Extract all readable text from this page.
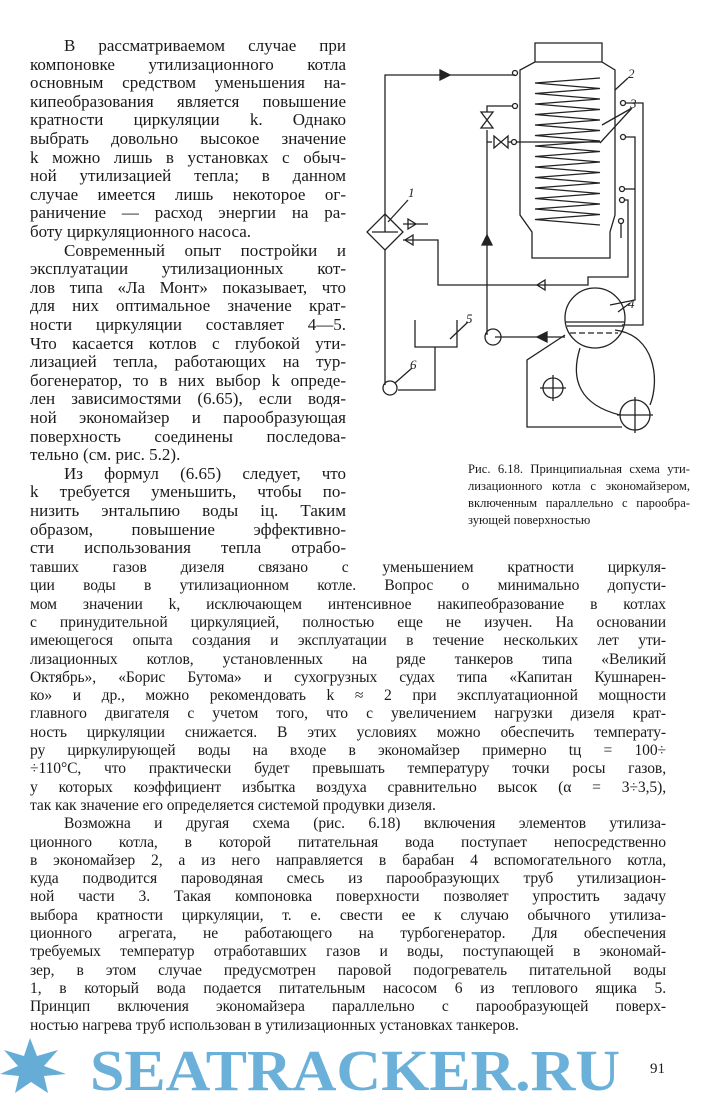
В рассматриваемом случае при
компоновке утилизационного котла
основным средством уменьшения на-
кипеобразования является повышение
кратности циркуляции k. Однако
выбрать довольно высокое значение
k можно лишь в установках с обыч-
ной утилизацией тепла; в данном
случае имеется лишь некоторое ог-
раничение — расход энергии на ра-
боту циркуляционного насоса.
Современный опыт постройки и
эксплуатации утилизационных кот-
лов типа «Ла Монт» показывает, что
для них оптимальное значение крат-
ности циркуляции составляет 4—5.
Что касается котлов с глубокой ути-
лизацией тепла, работающих на тур-
богенератор, то в них выбор k опреде-
лен зависимостями (6.65), если водя-
ной экономайзер и парообразующая
поверхность соединены последова-
тельно (см. рис. 5.2).
Из формул (6.65) следует, что
k требуется уменьшить, чтобы по-
низить энтальпию воды iц. Таким
образом, повышение эффективно-
сти использования тепла отрабо-
тавших газов дизеля связано с уменьшением кратности циркуля-
ции воды в утилизационном котле. Вопрос о минимально допусти-
мом значении k, исключающем интенсивное накипеобразование в котлах
с принудительной циркуляцией, полностью еще не изучен. На основании
имеющегося опыта создания и эксплуатации в течение нескольких лет ути-
лизационных котлов, установленных на ряде танкеров типа «Великий
Октябрь», «Борис Бутома» и сухогрузных судах типа «Капитан Кушнарен-
ко» и др., можно рекомендовать k ≈ 2 при эксплуатационной мощности
главного двигателя с учетом того, что с увеличением нагрузки дизеля крат-
ность циркуляции снижается. В этих условиях можно обеспечить температу-
ру циркулирующей воды на входе в экономайзер примерно tц = 100÷
÷110°С, что практически будет превышать температуру точки росы газов,
у которых коэффициент избытка воздуха сравнительно высок (α = 3÷3,5),
так как значение его определяется системой продувки дизеля.
Возможна и другая схема (рис. 6.18) включения элементов утилиза-
ционного котла, в которой питательная вода поступает непосредственно
в экономайзер 2, а из него направляется в барабан 4 вспомогательного котла,
куда подводится пароводяная смесь из парообразующих труб утилизацион-
ной части 3. Такая компоновка поверхности позволяет упростить задачу
выбора кратности циркуляции, т. е. свести ее к случаю обычного утилиза-
ционного агрегата, не работающего на турбогенератор. Для обеспечения
требуемых температур отработавших газов и воды, поступающей в экономай-
зер, в этом случае предусмотрен паровой подогреватель питательной воды
1, в который вода подается питательным насосом 6 из теплового ящика 5.
Принцип включения экономайзера параллельно с парообразующей поверх-
ностью нагрева труб использован в утилизационных установках танкеров.
1
2
3
4
5
6
Рис. 6.18. Принципиальная схема ути-
лизационного котла с экономайзером,
включенным параллельно с парообра-
зующей поверхностью
SEATRACKER.RU 91
